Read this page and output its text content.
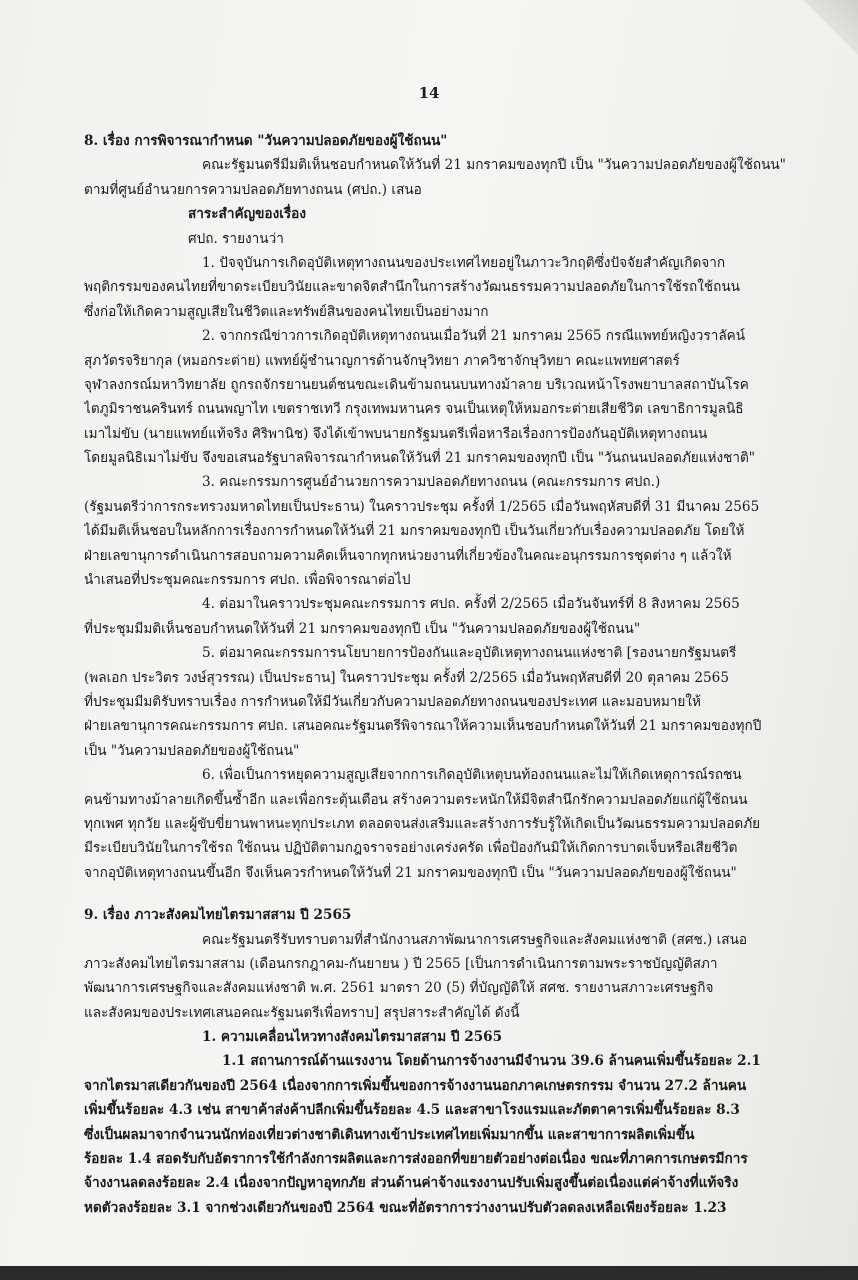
14
8. เรื่อง การพิจารณากำหนด "วันความปลอดภัยของผู้ใช้ถนน"
คณะรัฐมนตรีมีมติเห็นชอบกำหนดให้วันที่ 21 มกราคมของทุกปี เป็น "วันความปลอดภัยของผู้ใช้ถนน"
ตามที่ศูนย์อำนวยการความปลอดภัยทางถนน (ศปถ.) เสนอ
สาระสำคัญของเรื่อง
ศปถ. รายงานว่า
1. ปัจจุบันการเกิดอุบัติเหตุทางถนนของประเทศไทยอยู่ในภาวะวิกฤติซึ่งปัจจัยสำคัญเกิดจาก
พฤติกรรมของคนไทยที่ขาดระเบียบวินัยและขาดจิตสำนึกในการสร้างวัฒนธรรมความปลอดภัยในการใช้รถใช้ถนน
ซึ่งก่อให้เกิดความสูญเสียในชีวิตและทรัพย์สินของคนไทยเป็นอย่างมาก
2. จากกรณีข่าวการเกิดอุบัติเหตุทางถนนเมื่อวันที่ 21 มกราคม 2565 กรณีแพทย์หญิงวราลัคน์
สุภวัตรจริยากุล (หมอกระต่าย) แพทย์ผู้ชำนาญการด้านจักษุวิทยา ภาควิชาจักษุวิทยา คณะแพทยศาสตร์
จุฬาลงกรณ์มหาวิทยาลัย ถูกรถจักรยานยนต์ชนขณะเดินข้ามถนนบนทางม้าลาย บริเวณหน้าโรงพยาบาลสถาบันโรค
ไตภูมิราชนครินทร์ ถนนพญาไท เขตราชเทวี กรุงเทพมหานคร จนเป็นเหตุให้หมอกระต่ายเสียชีวิต เลขาธิการมูลนิธิ
เมาไม่ขับ (นายแพทย์แท้จริง ศิริพานิช) จึงได้เข้าพบนายกรัฐมนตรีเพื่อหารือเรื่องการป้องกันอุบัติเหตุทางถนน
โดยมูลนิธิเมาไม่ขับ จึงขอเสนอรัฐบาลพิจารณากำหนดให้วันที่ 21 มกราคมของทุกปี เป็น "วันถนนปลอดภัยแห่งชาติ"
3. คณะกรรมการศูนย์อำนวยการความปลอดภัยทางถนน (คณะกรรมการ ศปถ.)
(รัฐมนตรีว่าการกระทรวงมหาดไทยเป็นประธาน) ในคราวประชุม ครั้งที่ 1/2565 เมื่อวันพฤหัสบดีที่ 31 มีนาคม 2565
ได้มีมติเห็นชอบในหลักการเรื่องการกำหนดให้วันที่ 21 มกราคมของทุกปี เป็นวันเกี่ยวกับเรื่องความปลอดภัย โดยให้
ฝ่ายเลขานุการดำเนินการสอบถามความคิดเห็นจากทุกหน่วยงานที่เกี่ยวข้องในคณะอนุกรรมการชุดต่าง ๆ แล้วให้
นำเสนอที่ประชุมคณะกรรมการ ศปถ. เพื่อพิจารณาต่อไป
4. ต่อมาในคราวประชุมคณะกรรมการ ศปถ. ครั้งที่ 2/2565 เมื่อวันจันทร์ที่ 8 สิงหาคม 2565
ที่ประชุมมีมติเห็นชอบกำหนดให้วันที่ 21 มกราคมของทุกปี เป็น "วันความปลอดภัยของผู้ใช้ถนน"
5. ต่อมาคณะกรรมการนโยบายการป้องกันและอุบัติเหตุทางถนนแห่งชาติ [รองนายกรัฐมนตรี
(พลเอก ประวิตร วงษ์สุวรรณ) เป็นประธาน] ในคราวประชุม ครั้งที่ 2/2565 เมื่อวันพฤหัสบดีที่ 20 ตุลาคม 2565
ที่ประชุมมีมติรับทราบเรื่อง การกำหนดให้มีวันเกี่ยวกับความปลอดภัยทางถนนของประเทศ และมอบหมายให้
ฝ่ายเลขานุการคณะกรรมการ ศปถ. เสนอคณะรัฐมนตรีพิจารณาให้ความเห็นชอบกำหนดให้วันที่ 21 มกราคมของทุกปี
เป็น "วันความปลอดภัยของผู้ใช้ถนน"
6. เพื่อเป็นการหยุดความสูญเสียจากการเกิดอุบัติเหตุบนท้องถนนและไม่ให้เกิดเหตุการณ์รถชน
คนข้ามทางม้าลายเกิดขึ้นซ้ำอีก และเพื่อกระตุ้นเตือน สร้างความตระหนักให้มีจิตสำนึกรักความปลอดภัยแก่ผู้ใช้ถนน
ทุกเพศ ทุกวัย และผู้ขับขี่ยานพาหนะทุกประเภท ตลอดจนส่งเสริมและสร้างการรับรู้ให้เกิดเป็นวัฒนธรรมความปลอดภัย
มีระเบียบวินัยในการใช้รถ ใช้ถนน ปฏิบัติตามกฎจราจรอย่างเคร่งครัด เพื่อป้องกันมิให้เกิดการบาดเจ็บหรือเสียชีวิต
จากอุบัติเหตุทางถนนขึ้นอีก จึงเห็นควรกำหนดให้วันที่ 21 มกราคมของทุกปี เป็น "วันความปลอดภัยของผู้ใช้ถนน"
9. เรื่อง ภาวะสังคมไทยไตรมาสสาม ปี 2565
คณะรัฐมนตรีรับทราบตามที่สำนักงานสภาพัฒนาการเศรษฐกิจและสังคมแห่งชาติ (สศช.) เสนอ
ภาวะสังคมไทยไตรมาสสาม (เดือนกรกฎาคม-กันยายน ) ปี 2565 [เป็นการดำเนินการตามพระราชบัญญัติสภา
พัฒนาการเศรษฐกิจและสังคมแห่งชาติ พ.ศ. 2561 มาตรา 20 (5) ที่บัญญัติให้ สศช. รายงานสภาวะเศรษฐกิจ
และสังคมของประเทศเสนอคณะรัฐมนตรีเพื่อทราบ] สรุปสาระสำคัญได้ ดังนี้
1. ความเคลื่อนไหวทางสังคมไตรมาสสาม ปี 2565
1.1 สถานการณ์ด้านแรงงาน โดยด้านการจ้างงานมีจำนวน 39.6 ล้านคนเพิ่มขึ้นร้อยละ 2.1
จากไตรมาสเดียวกันของปี 2564 เนื่องจากการเพิ่มขึ้นของการจ้างงานนอกภาคเกษตรกรรม จำนวน 27.2 ล้านคน
เพิ่มขึ้นร้อยละ 4.3 เช่น สาขาค้าส่งค้าปลีกเพิ่มขึ้นร้อยละ 4.5 และสาขาโรงแรมและภัตตาคารเพิ่มขึ้นร้อยละ 8.3
ซึ่งเป็นผลมาจากจำนวนนักท่องเที่ยวต่างชาติเดินทางเข้าประเทศไทยเพิ่มมากขึ้น และสาขาการผลิตเพิ่มขึ้น
ร้อยละ 1.4 สอดรับกับอัตราการใช้กำลังการผลิตและการส่งออกที่ขยายตัวอย่างต่อเนื่อง ขณะที่ภาคการเกษตรมีการ
จ้างงานลดลงร้อยละ 2.4 เนื่องจากปัญหาอุทกภัย ส่วนด้านค่าจ้างแรงงานปรับเพิ่มสูงขึ้นต่อเนื่องแต่ค่าจ้างที่แท้จริง
หดตัวลงร้อยละ 3.1 จากช่วงเดียวกันของปี 2564 ขณะที่อัตราการว่างงานปรับตัวลดลงเหลือเพียงร้อยละ 1.23
